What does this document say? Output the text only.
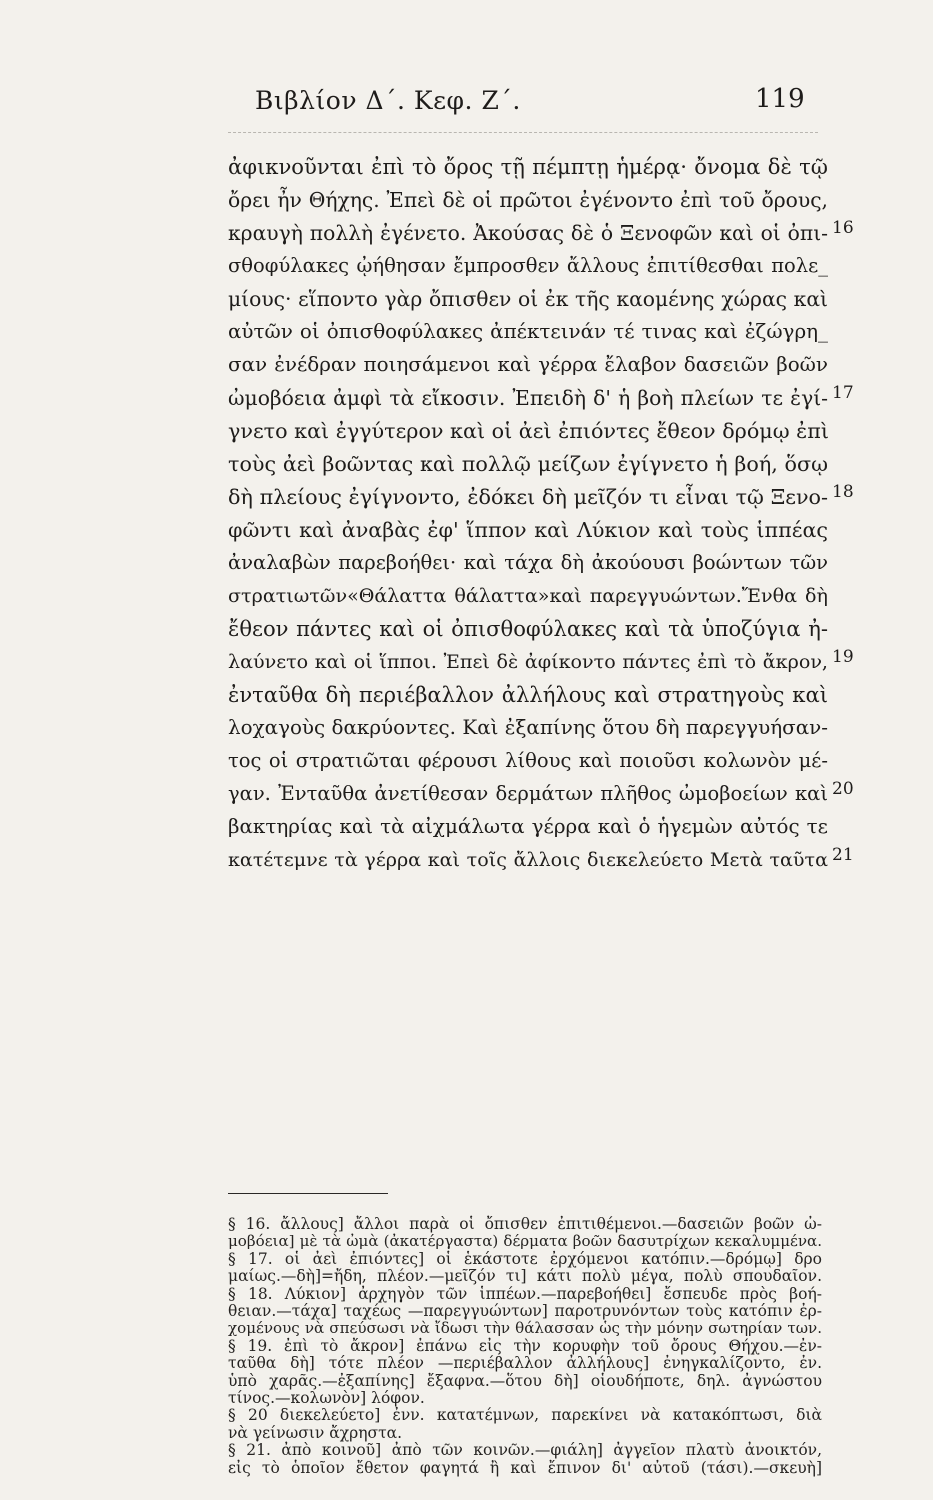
Βιβλίον Δ΄. Κεφ. Ζ΄.	119
ἀφικνοῦνται ἐπὶ τὸ ὄρος τῇ πέμπτῃ ἡμέρᾳ· ὄνομα δὲ τῷ
ὄρει ἦν Θήχης. Ἐπεὶ δὲ οἱ πρῶτοι ἐγένοντο ἐπὶ τοῦ ὄρους,
κραυγὴ πολλὴ ἐγένετο. Ἀκούσας δὲ ὁ Ξενοφῶν καὶ οἱ ὀπι-
σθοφύλακες ᾠήθησαν ἔμπροσθεν ἄλλους ἐπιτίθεσθαι πολε_
μίους· εἵποντο γὰρ ὄπισθεν οἱ ἐκ τῆς καομένης χώρας καὶ
αὐτῶν οἱ ὀπισθοφύλακες ἀπέκτεινάν τέ τινας καὶ ἐζώγρη_
σαν ἐνέδραν ποιησάμενοι καὶ γέρρα ἔλαβον δασειῶν βοῶν
ὠμοβόεια ἀμφὶ τὰ εἴκοσιν. Ἐπειδὴ δ' ἡ βοὴ πλείων τε ἐγί-
γνετο καὶ ἐγγύτερον καὶ οἱ ἀεὶ ἐπιόντες ἔθεον δρόμῳ ἐπὶ
τοὺς ἀεὶ βοῶντας καὶ πολλῷ μείζων ἐγίγνετο ἡ βοή, ὅσῳ
δὴ πλείους ἐγίγνοντο, ἐδόκει δὴ μεῖζόν τι εἶναι τῷ Ξενο-
φῶντι καὶ ἀναβὰς ἐφ' ἵππον καὶ Λύκιον καὶ τοὺς ἱππέας
ἀναλαβὼν παρεβοήθει· καὶ τάχα δὴ ἀκούουσι βοώντων τῶν
στρατιωτῶν«Θάλαττα θάλαττα»καὶ παρεγγυώντων.Ἔνθα δὴ
ἔθεον πάντες καὶ οἱ ὀπισθοφύλακες καὶ τὰ ὑποζύγια ἠ-
λαύνετο καὶ οἱ ἵπποι. Ἐπεὶ δὲ ἀφίκοντο πάντες ἐπὶ τὸ ἄκρον,
ἐνταῦθα δὴ περιέβαλλον ἀλλήλους καὶ στρατηγοὺς καὶ
λοχαγοὺς δακρύοντες. Καὶ ἐξαπίνης ὅτου δὴ παρεγγυήσαν-
τος οἱ στρατιῶται φέρουσι λίθους καὶ ποιοῦσι κολωνὸν μέ-
γαν. Ἐνταῦθα ἀνετίθεσαν δερμάτων πλῆθος ὠμοβοείων καὶ
βακτηρίας καὶ τὰ αἰχμάλωτα γέρρα καὶ ὁ ἡγεμὼν αὐτός τε
κατέτεμνε τὰ γέρρα καὶ τοῖς ἄλλοις διεκελεύετο Μετὰ ταῦτα
16
17
18
19
20
21
§ 16. ἄλλους] ἄλλοι παρὰ οἱ ὄπισθεν ἐπιτιθέμενοι.—δασειῶν βοῶν ὠ-
μοβόεια] μὲ τὰ ὠμὰ (ἀκατέργαστα) δέρματα βοῶν δασυτρίχων κεκαλυμμένα.
§ 17. οἱ ἀεὶ ἐπιόντες] οἱ ἑκάστοτε ἐρχόμενοι κατόπιν.—δρόμῳ] δρο
μαίως.—δὴ]=ἤδη, πλέον.—μεῖζόν τι] κάτι πολὺ μέγα, πολὺ σπουδαῖον.
§ 18. Λύκιον] ἀρχηγὸν τῶν ἱππέων.—παρεβοήθει] ἔσπευδε πρὸς βοή-
θειαν.—τάχα] ταχέως —παρεγγυώντων] παροτρυνόντων τοὺς κατόπιν ἐρ-
χομένους νὰ σπεύσωσι νὰ ἴδωσι τὴν θάλασσαν ὡς τὴν μόνην σωτηρίαν των.
§ 19. ἐπὶ τὸ ἄκρον] ἐπάνω εἰς τὴν κορυφὴν τοῦ ὄρους Θήχου.—ἐν-
ταῦθα δὴ] τότε πλέον —περιέβαλλον ἀλλήλους] ἐνηγκαλίζοντο, ἐν.
ὑπὸ χαρᾶς.—ἐξαπίνης] ἔξαφνα.—ὅτου δὴ] οἱουδήποτε, δηλ. ἀγνώστου
τίνος.—κολωνὸν] λόφον.
§ 20 διεκελεύετο] ἐνν. κατατέμνων, παρεκίνει νὰ κατακόπτωσι, διὰ
νὰ γείνωσιν ἄχρηστα.
§ 21. ἀπὸ κοινοῦ] ἀπὸ τῶν κοινῶν.—φιάλη] ἀγγεῖον πλατὺ ἀνοικτόν,
εἰς τὸ ὁποῖον ἔθετον φαγητά ἢ καὶ ἔπινον δι' αὐτοῦ (τάσι).—σκευὴ]
